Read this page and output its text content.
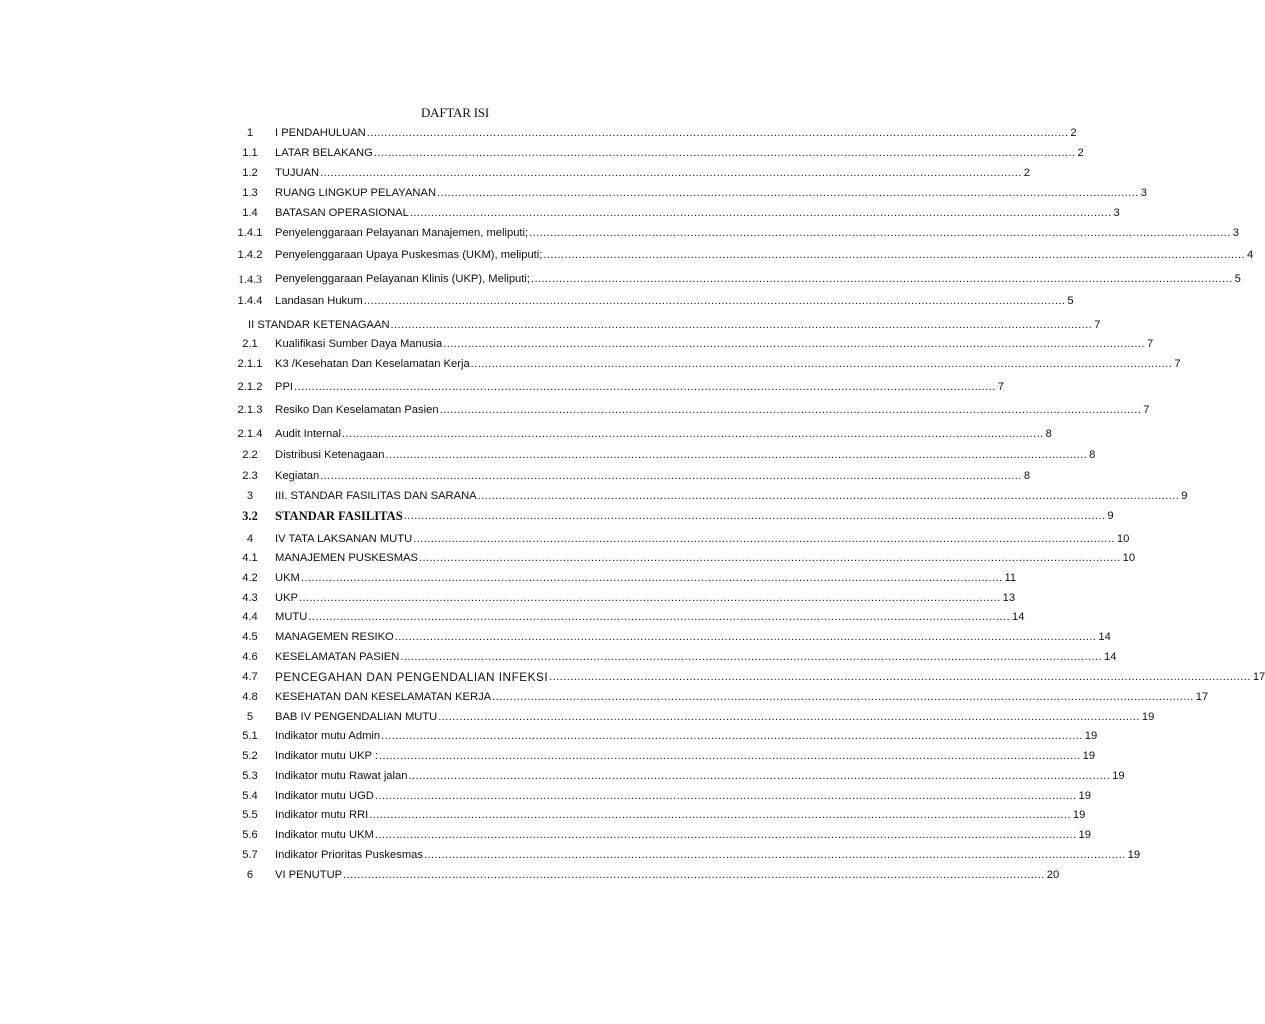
DAFTAR ISI
1	I PENDAHULUAN ........................................................................................................................................................................................................ 2
1.1	LATAR BELAKANG ........................................................................................................................................................................................................ 2
1.2	TUJUAN ........................................................................................................................................................................................................ 2
1.3	RUANG LINGKUP PELAYANAN ........................................................................................................................................................................................................ 3
1.4	BATASAN OPERASIONAL ........................................................................................................................................................................................................ 3
1.4.1	Penyelenggaraan Pelayanan Manajemen, meliputi; ........................................................................................................................................................................................................ 3
1.4.2	Penyelenggaraan Upaya Puskesmas (UKM), meliputi; ........................................................................................................................................................................................................ 4
1.4.3	Penyelenggaraan Pelayanan Klinis (UKP), Meliputi; ........................................................................................................................................................................................................ 5
1.4.4	Landasan Hukum ........................................................................................................................................................................................................ 5
II STANDAR KETENAGAAN ........................................................................................................................................................................................................ 7
2.1	Kualifikasi Sumber Daya Manusia ........................................................................................................................................................................................................ 7
2.1.1	K3 /Kesehatan Dan Keselamatan Kerja ........................................................................................................................................................................................................ 7
2.1.2	PPI ........................................................................................................................................................................................................ 7
2.1.3	Resiko Dan Keselamatan Pasien ........................................................................................................................................................................................................ 7
2.1.4	Audit Internal ........................................................................................................................................................................................................ 8
2.2	Distribusi Ketenagaan ........................................................................................................................................................................................................ 8
2.3	Kegiatan ........................................................................................................................................................................................................ 8
3	III. STANDAR FASILITAS DAN SARANA ........................................................................................................................................................................................................ 9
3.2	STANDAR FASILITAS ........................................................................................................................................................................................................ 9
4	IV TATA LAKSANAN MUTU ........................................................................................................................................................................................................ 10
4.1	MANAJEMEN PUSKESMAS ........................................................................................................................................................................................................ 10
4.2	UKM ........................................................................................................................................................................................................ 11
4.3	UKP ........................................................................................................................................................................................................ 13
4.4	MUTU ........................................................................................................................................................................................................ 14
4.5	MANAGEMEN RESIKO ........................................................................................................................................................................................................ 14
4.6	KESELAMATAN PASIEN ........................................................................................................................................................................................................ 14
4.7	PENCEGAHAN DAN PENGENDALIAN INFEKSI ........................................................................................................................................................................................................ 17
4.8	KESEHATAN DAN KESELAMATAN KERJA ........................................................................................................................................................................................................ 17
5	BAB IV PENGENDALIAN MUTU ........................................................................................................................................................................................................ 19
5.1	Indikator mutu Admin ........................................................................................................................................................................................................ 19
5.2	Indikator mutu UKP : ........................................................................................................................................................................................................ 19
5.3	Indikator mutu Rawat jalan ........................................................................................................................................................................................................ 19
5.4	Indikator mutu UGD ........................................................................................................................................................................................................ 19
5.5	Indikator mutu RRI ........................................................................................................................................................................................................ 19
5.6	Indikator mutu UKM ........................................................................................................................................................................................................ 19
5.7	Indikator Prioritas Puskesmas ........................................................................................................................................................................................................ 19
6	VI PENUTUP ........................................................................................................................................................................................................ 20
